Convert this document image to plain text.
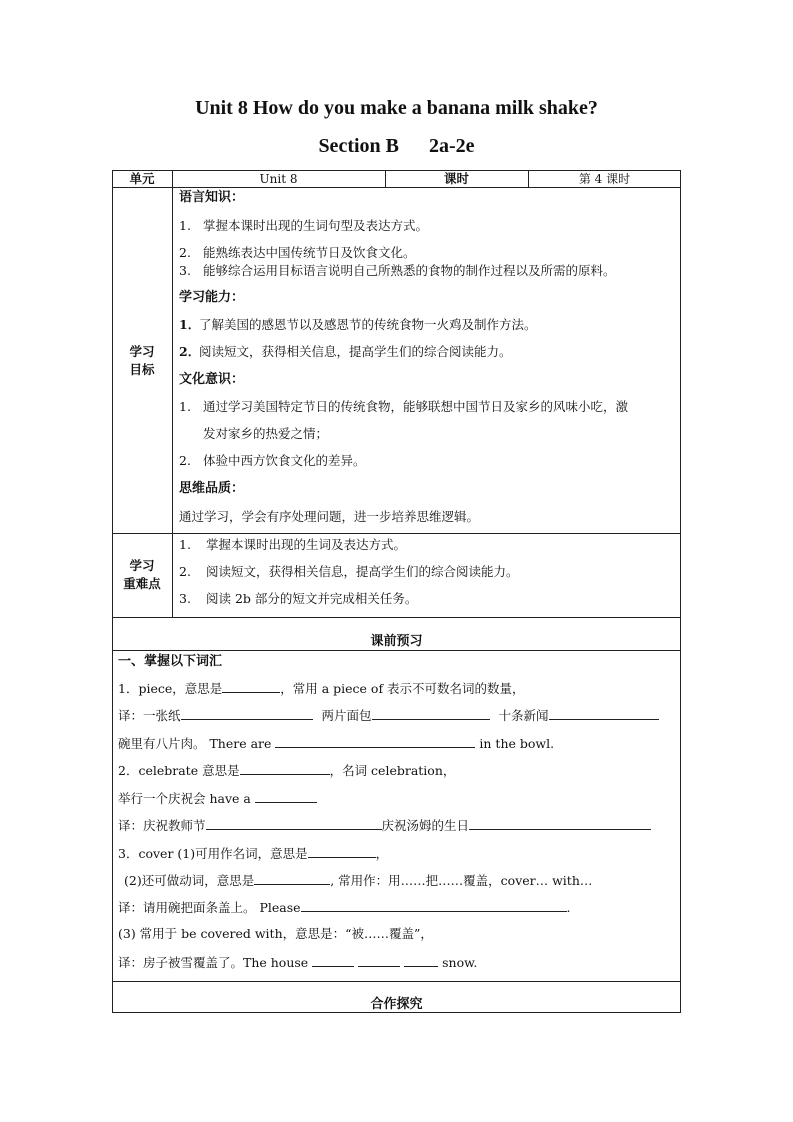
Unit 8 How do you make a banana milk shake?
Section B 2a-2e
单元	Unit 8	课时	第 4 课时
学习
目标
语言知识：
1. 掌握本课时出现的生词句型及表达方式。
2. 能熟练表达中国传统节日及饮食文化。
3. 能够综合运用目标语言说明自己所熟悉的食物的制作过程以及所需的原料。
学习能力：
1．了解美国的感恩节以及感恩节的传统食物一火鸡及制作方法。
2．阅读短文，获得相关信息，提高学生们的综合阅读能力。
文化意识：
1. 通过学习美国特定节日的传统食物，能够联想中国节日及家乡的风味小吃，激
发对家乡的热爱之情；
2. 体验中西方饮食文化的差异。
思维品质：
通过学习，学会有序处理问题，进一步培养思维逻辑。
学习
重难点
1. 掌握本课时出现的生词及表达方式。
2. 阅读短文，获得相关信息，提高学生们的综合阅读能力。
3. 阅读 2b 部分的短文并完成相关任务。
课前预习
一、掌握以下词汇
1．piece，意思是	，常用 a piece of 表示不可数名词的数量，
译：一张纸	两片面包	十条新闻
碗里有八片肉。 There are	in the bowl.
2．celebrate 意思是	，名词 celebration，
举行一个庆祝会 have a
译：庆祝教师节	庆祝汤姆的生日
3．cover (1)可用作名词，意思是	，
(2)还可做动词，意思是	, 常用作：用……把……覆盖，cover… with…
译：请用碗把面条盖上。 Please	.
(3) 常用于 be covered with，意思是：“被……覆盖”，
译：房子被雪覆盖了。The house	snow.
合作探究
